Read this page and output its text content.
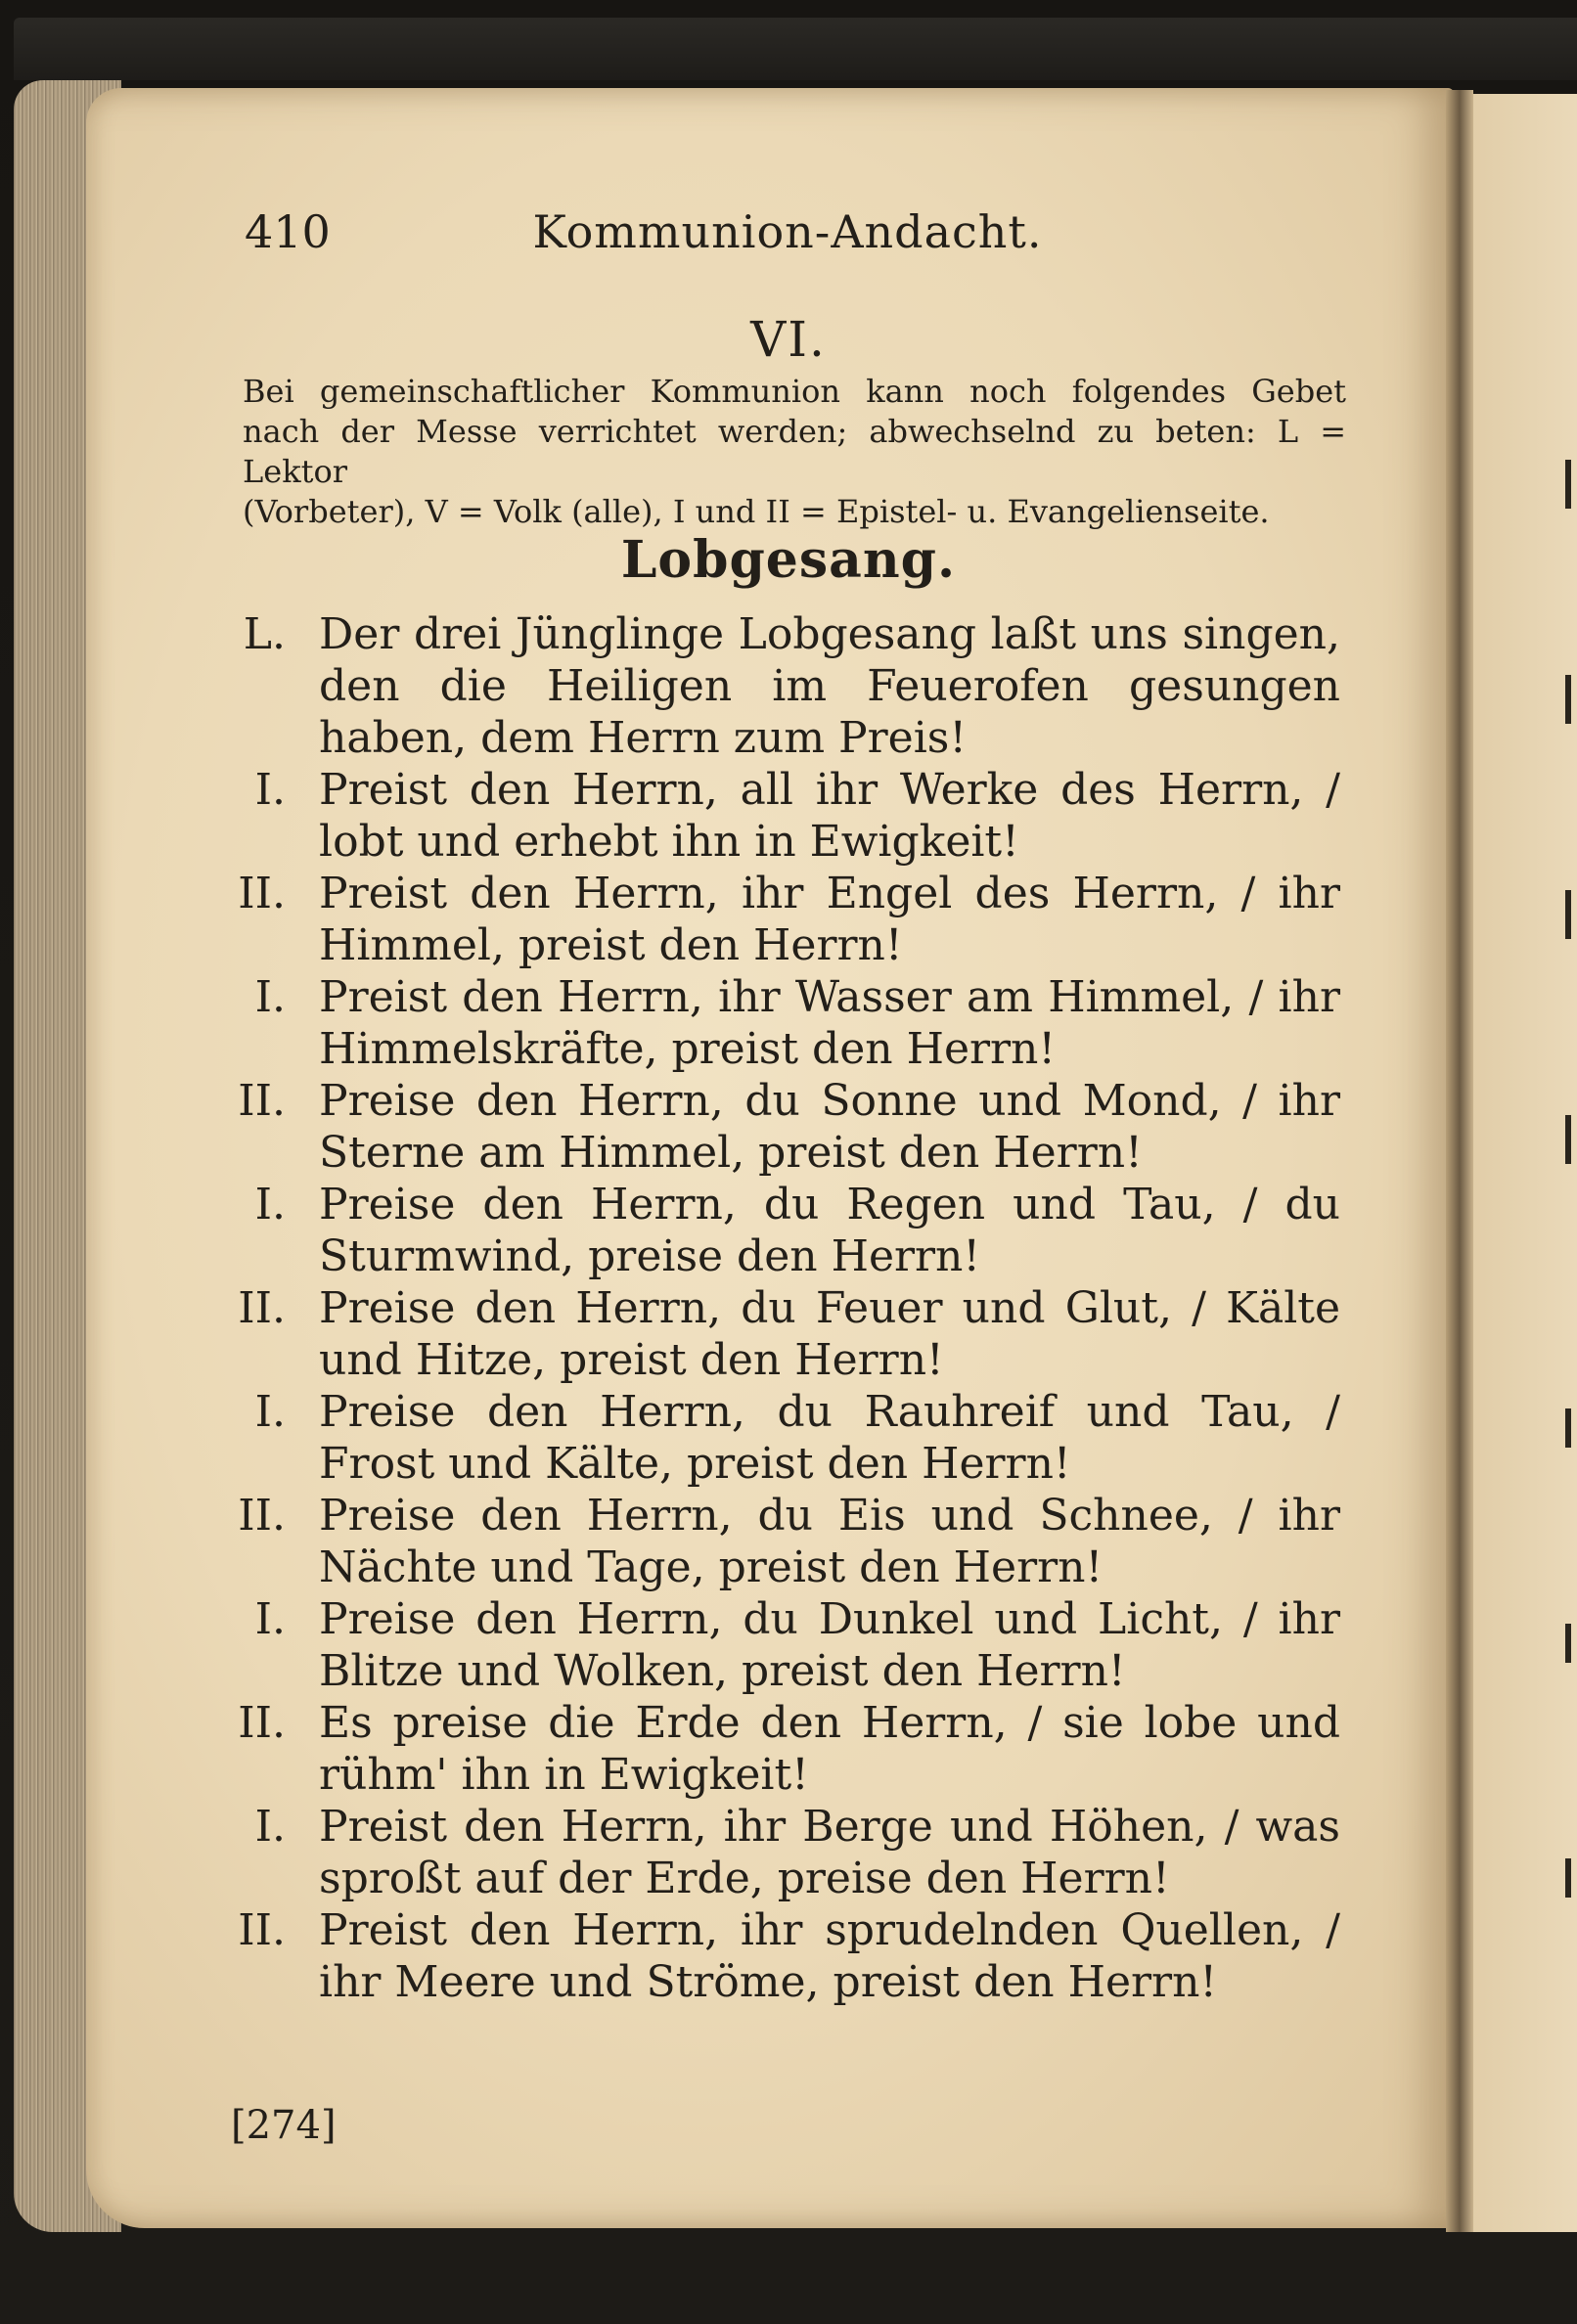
410	Kommunion-Andacht.
VI.
Bei gemeinschaftlicher Kommunion kann noch folgendes Gebet
nach der Messe verrichtet werden; abwechselnd zu beten: L = Lektor
(Vorbeter), V = Volk (alle), I und II = Epistel- u. Evangelienseite.
Lobgesang.
L. Der drei Jünglinge Lobgesang laßt uns singen, den die Heiligen im Feuerofen gesungen haben, dem Herrn zum Preis!
I. Preist den Herrn, all ihr Werke des Herrn, / lobt und erhebt ihn in Ewigkeit!
II. Preist den Herrn, ihr Engel des Herrn, / ihr Himmel, preist den Herrn!
I. Preist den Herrn, ihr Wasser am Himmel, / ihr Himmelskräfte, preist den Herrn!
II. Preise den Herrn, du Sonne und Mond, / ihr Sterne am Himmel, preist den Herrn!
I. Preise den Herrn, du Regen und Tau, / du Sturmwind, preise den Herrn!
II. Preise den Herrn, du Feuer und Glut, / Kälte und Hitze, preist den Herrn!
I. Preise den Herrn, du Rauhreif und Tau, / Frost und Kälte, preist den Herrn!
II. Preise den Herrn, du Eis und Schnee, / ihr Nächte und Tage, preist den Herrn!
I. Preise den Herrn, du Dunkel und Licht, / ihr Blitze und Wolken, preist den Herrn!
II. Es preise die Erde den Herrn, / sie lobe und rühm' ihn in Ewigkeit!
I. Preist den Herrn, ihr Berge und Höhen, / was sproßt auf der Erde, preise den Herrn!
II. Preist den Herrn, ihr sprudelnden Quellen, / ihr Meere und Ströme, preist den Herrn!
[274]
